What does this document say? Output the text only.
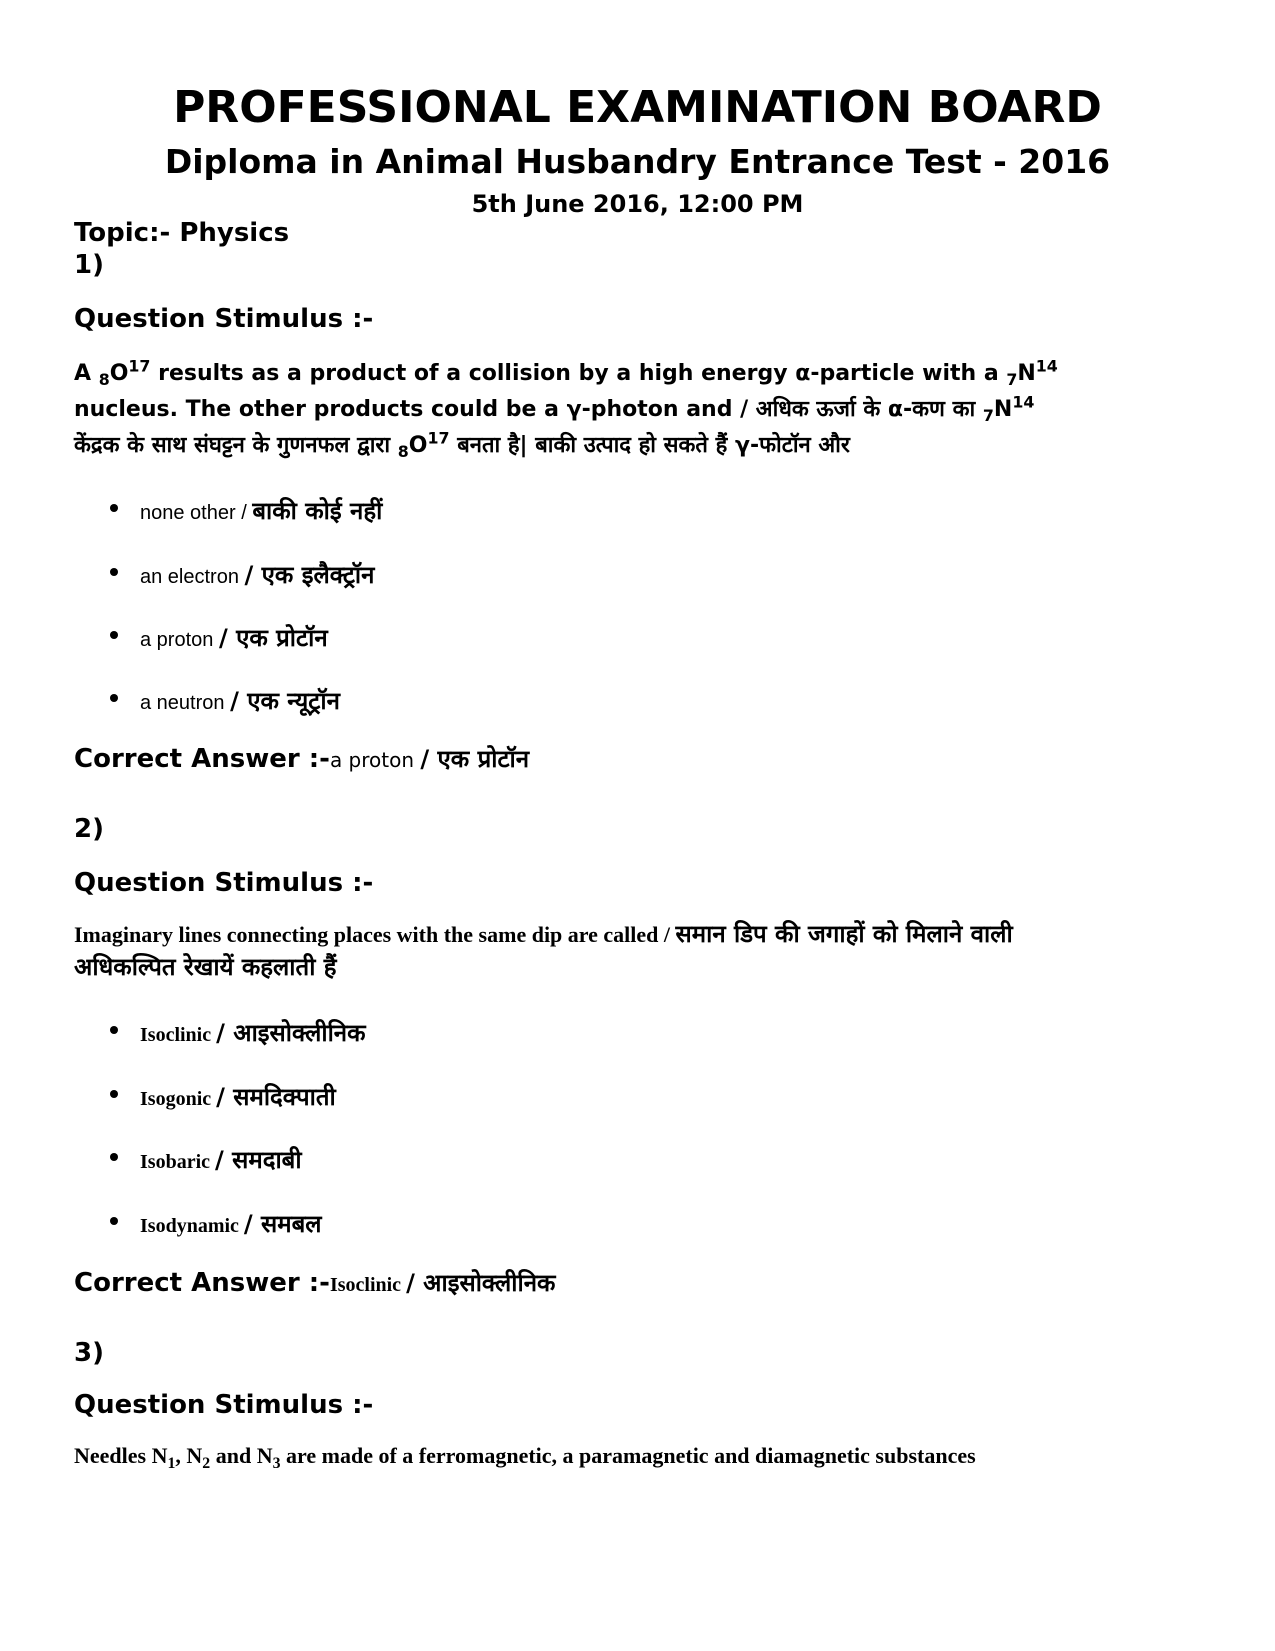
PROFESSIONAL EXAMINATION BOARD
Diploma in Animal Husbandry Entrance Test - 2016
5th June 2016, 12:00 PM
Topic:- Physics
1)
Question Stimulus :-
A $_8O^{17}$ results as a product of a collision by a high energy α-particle with a $_7N^{14}$
nucleus. The other products could be a γ-photon and / अधिक ऊर्जा के α-कण का $_7N^{14}$
केंद्रक के साथ संघट्टन के गुणनफल द्वारा $_8O^{17}$ बनता है| बाकी उत्पाद हो सकते हैं γ-फोटॉन और
none other / बाकी कोई नहीं
an electron / एक इलैक्ट्रॉन
a proton / एक प्रोटॉन
a neutron / एक न्यूट्रॉन
Correct Answer :-a proton / एक प्रोटॉन
2)
Question Stimulus :-
Imaginary lines connecting places with the same dip are called / समान डिप की जगाहों को मिलाने वाली
अधिकल्पित रेखायें कहलाती हैं
Isoclinic / आइसोक्लीनिक
Isogonic / समदिक्पाती
Isobaric / समदाबी
Isodynamic / समबल
Correct Answer :-Isoclinic / आइसोक्लीनिक
3)
Question Stimulus :-
Needles $N_1$, $N_2$ and $N_3$ are made of a ferromagnetic, a paramagnetic and diamagnetic substances
